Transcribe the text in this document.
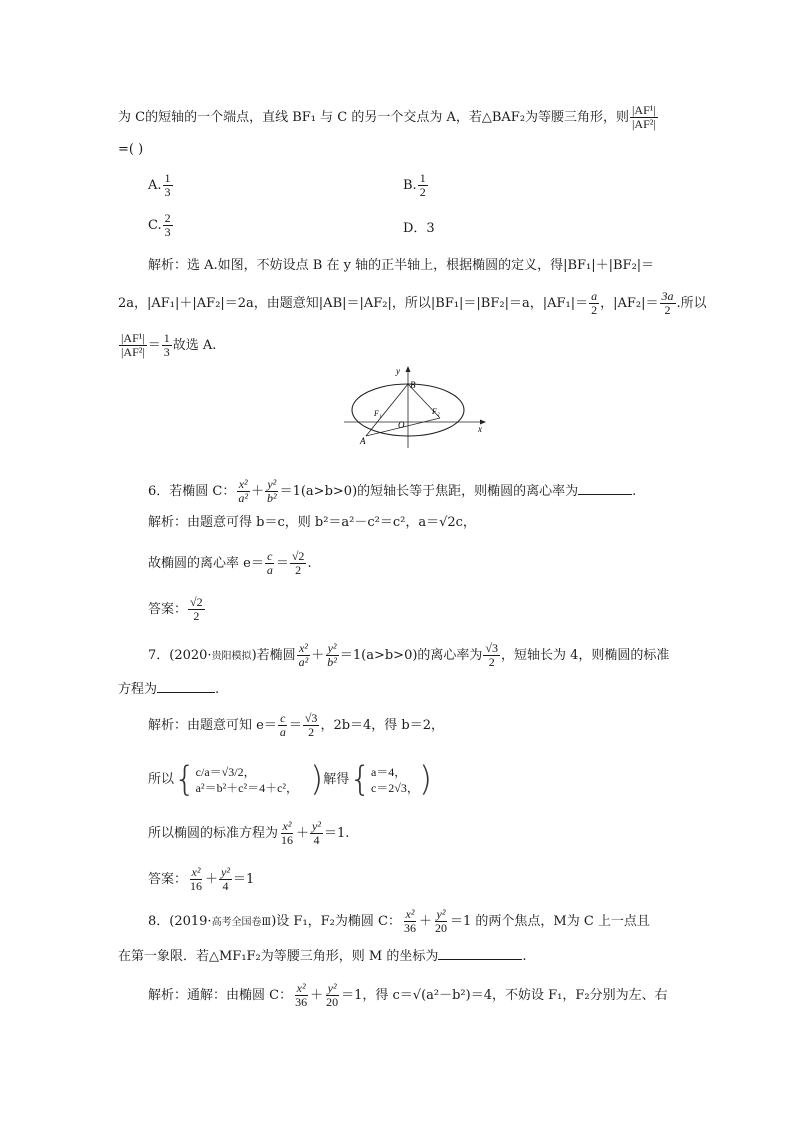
为 C的短轴的一个端点，直线 BF₁ 与 C 的另一个交点为 A，若△BAF₂为等腰三角形，则 $\frac{\text{|AF¹|}}{\text{|AF²|}}$
=( )
A. $\frac{1}{3}$	B. $\frac{1}{2}$
C. $\frac{2}{3}$	D．3
解析：选 A.如图，不妨设点 B 在 y 轴的正半轴上，根据椭圆的定义，得|BF₁|＋|BF₂|＝
2a，|AF₁|＋|AF₂|＝2a，由题意知|AB|＝|AF₂|，所以|BF₁|＝|BF₂|＝a，$|AF_1|= \frac{a}{2}$ ，$|AF_2|= \frac{3a}{2}$ .所以
$\frac{\text{|AF¹|}}{\text{|AF²|}} = \frac{1}{3}$ 故选 A.
y
x
B
O
A
F₁	F₂
6．若椭圆 C： $\frac{\text{x²}}{\text{a²}} + \frac{\text{y²}}{\text{b²}} =1(a>b>0)$的短轴长等于焦距，则椭圆的离心率为	.
解析：由题意可得 b＝c，则 b²＝a²－c²＝c²，a＝√2c，
故椭圆的离心率 $e= \frac{c}{a} = \frac{√2}{2}$ .
答案： $\frac{√2}{2}$
7．(2020·贵阳模拟)若椭圆 $\frac{\text{x²}}{\text{a²}} + \frac{\text{y²}}{\text{b²}} =1(a>b>0)$的离心率为 $\frac{√3}{2}$ ，短轴长为 4，则椭圆的标准
方程为	.
解析：由题意可知 $e= \frac{c}{a} = \frac{√3}{2}$ ，2b＝4，得 b＝2，
所以{ c/a＝√3/2，
a²＝b²＋c²＝4＋c²， )解得{ a＝4，
c＝2√3， )
所以椭圆的标准方程为 $\frac{\text{x²}}{16} + \frac{\text{y²}}{4} =1$.
答案： $\frac{\text{x²}}{16} + \frac{\text{y²}}{4} =1$
8．(2019·高考全国卷Ⅲ)设 F₁，F₂为椭圆 C： $\frac{\text{x²}}{36} + \frac{\text{y²}}{20} =1$ 的两个焦点，M为 C 上一点且
在第一象限．若△MF₁F₂为等腰三角形，则 M 的坐标为	.
解析：通解：由椭圆 C： $\frac{\text{x²}}{36} + \frac{\text{y²}}{20} =1$，得 c＝√(a²－b²)＝4，不妨设 F₁，F₂分别为左、右
